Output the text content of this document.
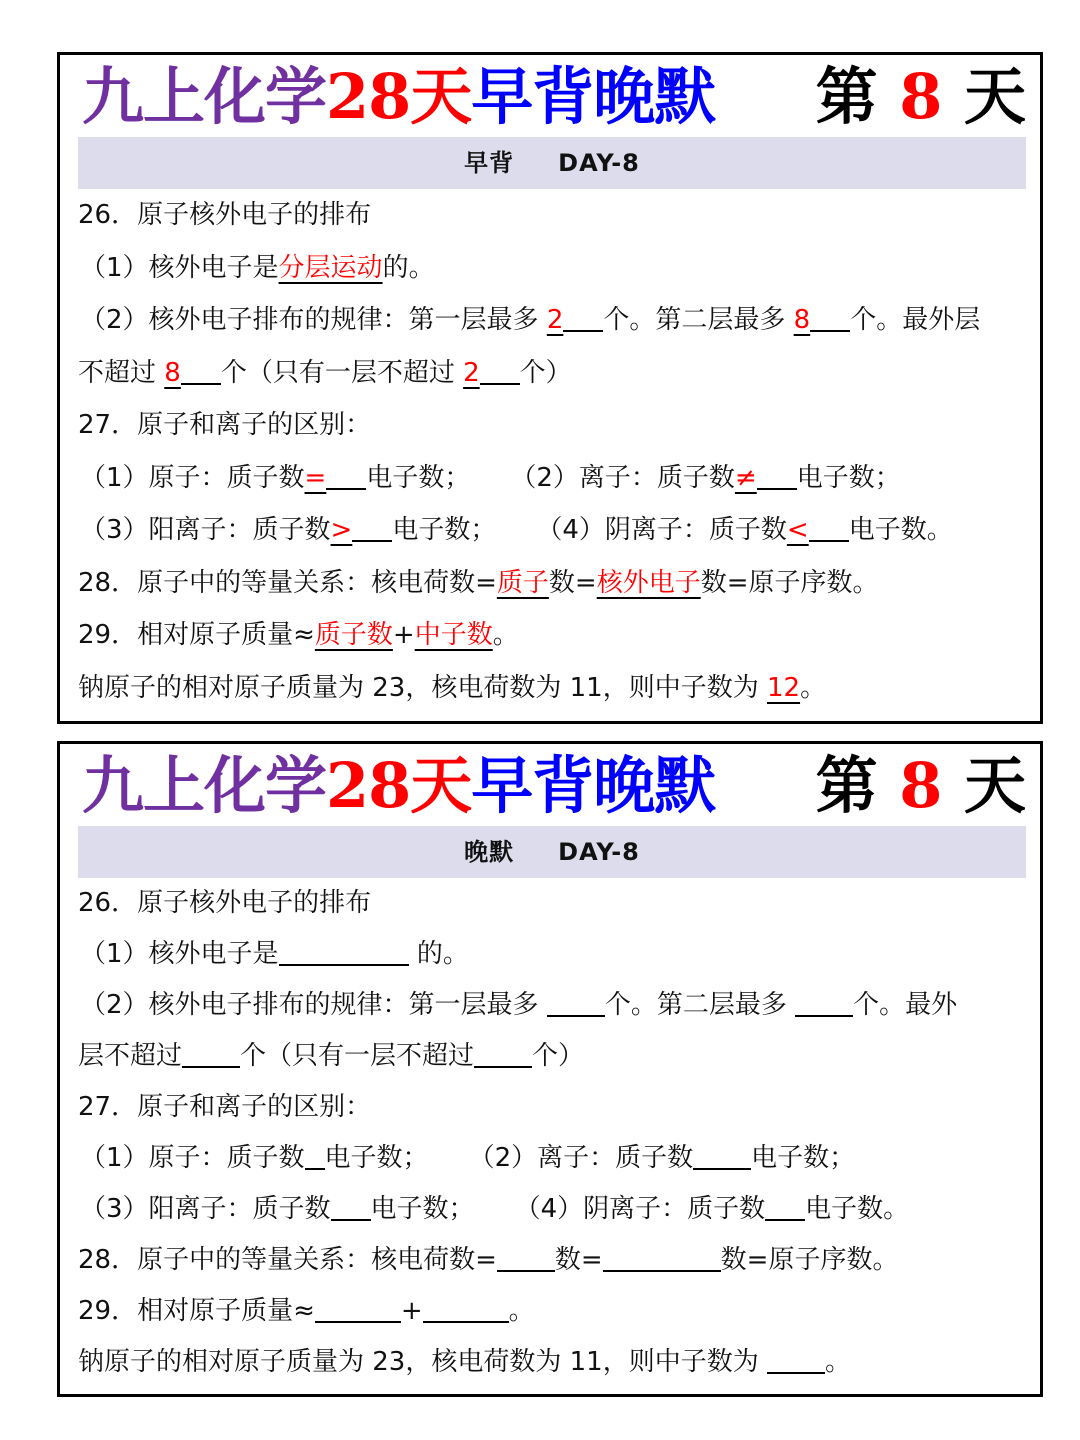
九上化学28天早背晚默 第 8 天
早背 DAY-8
26．原子核外电子的排布
（1）核外电子是分层运动的。
（2）核外电子排布的规律：第一层最多 2 个。第二层最多 8 个。最外层
不超过 8 个（只有一层不超过 2 个）
27．原子和离子的区别：
（1）原子：质子数= 电子数； （2）离子：质子数≠ 电子数；
（3）阳离子：质子数> 电子数； （4）阴离子：质子数< 电子数。
28．原子中的等量关系：核电荷数=质子数=核外电子数=原子序数。
29．相对原子质量≈质子数+中子数。
钠原子的相对原子质量为 23，核电荷数为 11，则中子数为 12。
九上化学28天早背晚默 第 8 天
晚默 DAY-8
26．原子核外电子的排布
（1）核外电子是	的。
（2）核外电子排布的规律：第一层最多	个。第二层最多	个。最外
层不超过 个（只有一层不超过 个）
27．原子和离子的区别：
（1）原子：质子数 电子数； （2）离子：质子数 电子数；
（3）阳离子：质子数 电子数； （4）阴离子：质子数 电子数。
28．原子中的等量关系：核电荷数= 数=	数=原子序数。
29．相对原子质量≈	+	。
钠原子的相对原子质量为 23，核电荷数为 11，则中子数为	。
